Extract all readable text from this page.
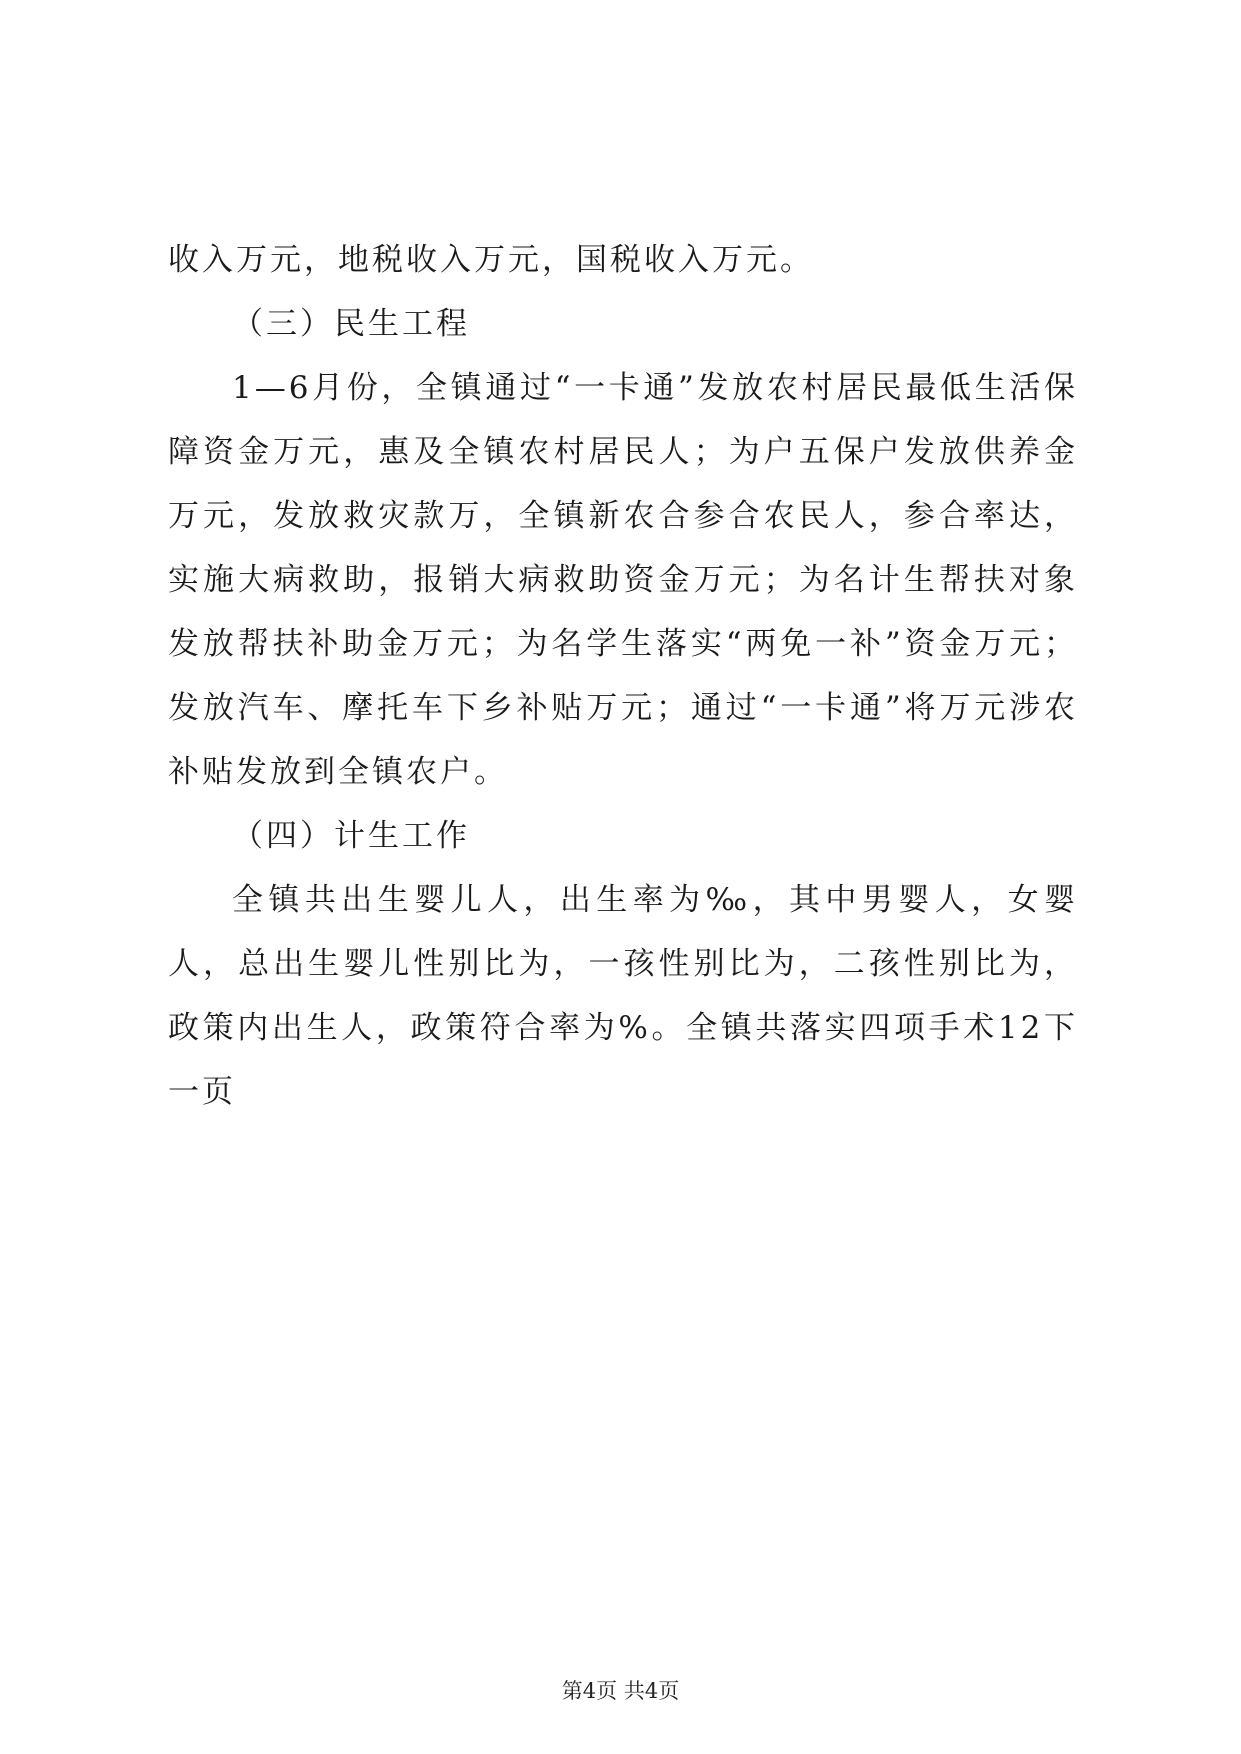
收入万元，地税收入万元，国税收入万元。

（三）民生工程

1—6月份，全镇通过“一卡通”发放农村居民最低生活保障资金万元，惠及全镇农村居民人；为户五保户发放供养金万元，发放救灾款万，全镇新农合参合农民人，参合率达，实施大病救助，报销大病救助资金万元；为名计生帮扶对象发放帮扶补助金万元；为名学生落实“两免一补”资金万元；发放汽车、摩托车下乡补贴万元；通过“一卡通”将万元涉农补贴发放到全镇农户。

（四）计生工作

全镇共出生婴儿人，出生率为‰，其中男婴人，女婴人，总出生婴儿性别比为，一孩性别比为，二孩性别比为，政策内出生人，政策符合率为%。全镇共落实四项手术12下一页

第4页 共4页
